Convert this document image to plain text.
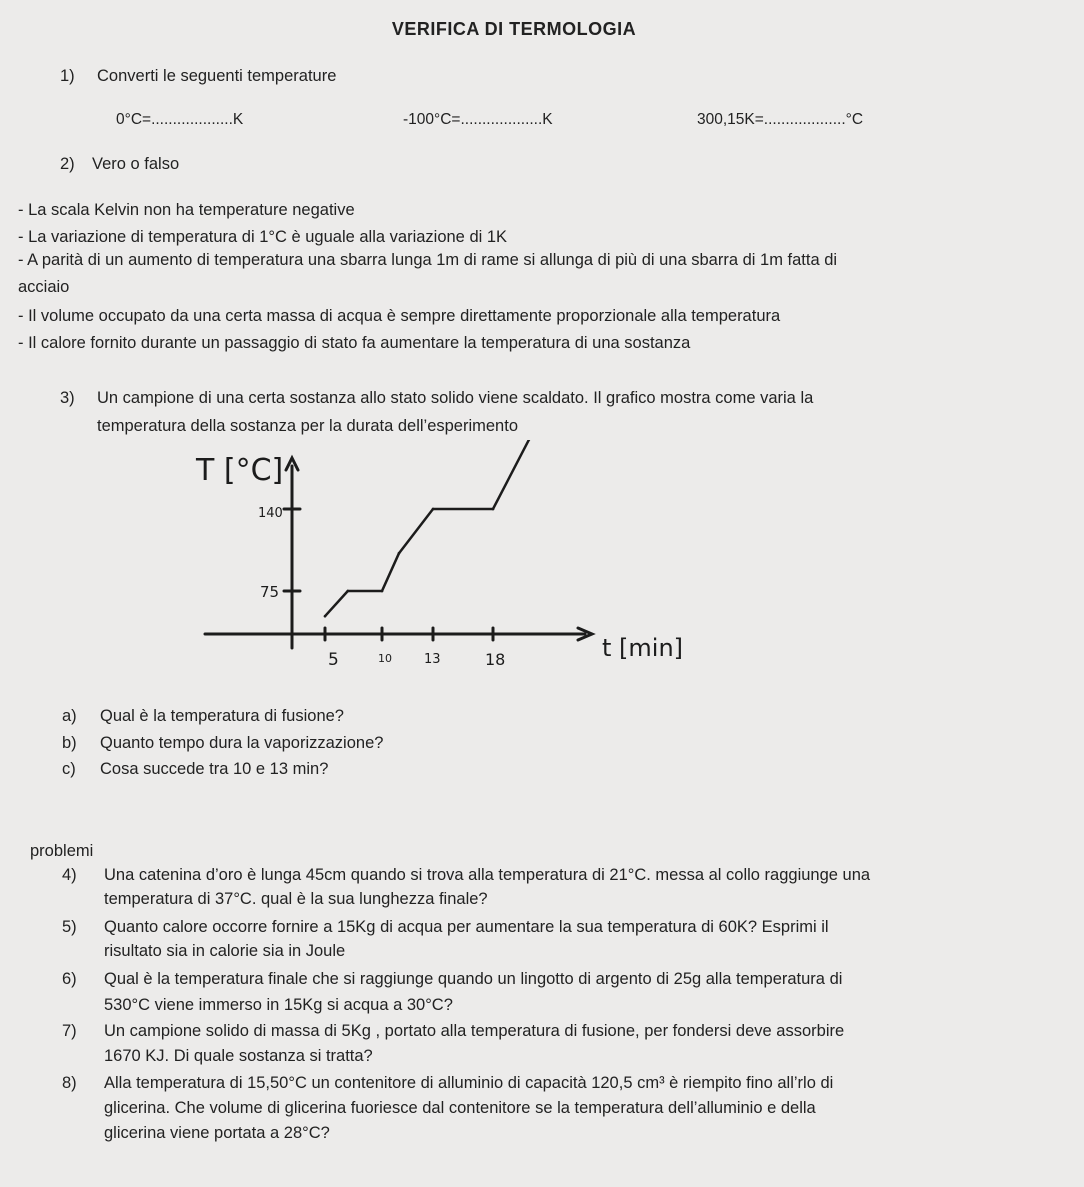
VERIFICA DI TERMOLOGIA
1) Converti le seguenti temperature
0°C=...................K	-100°C=...................K	300,15K=...................°C
2) Vero o falso
- La scala Kelvin non ha temperature negative
- La variazione di temperatura di 1°C è uguale alla variazione di 1K
- A parità di un aumento di temperatura una sbarra lunga 1m di rame si allunga di più di una sbarra di 1m fatta di
acciaio
- Il volume occupato da una certa massa di acqua è sempre direttamente proporzionale alla temperatura
- Il calore fornito durante un passaggio di stato fa aumentare la temperatura di una sostanza
3) Un campione di una certa sostanza allo stato solido viene scaldato. Il grafico mostra come varia la
temperatura della sostanza per la durata dell’esperimento
T [°C]
140
75
5	10 13	18	t [min]
a) Qual è la temperatura di fusione?
b) Quanto tempo dura la vaporizzazione?
c) Cosa succede tra 10 e 13 min?
problemi
4) Una catenina d’oro è lunga 45cm quando si trova alla temperatura di 21°C. messa al collo raggiunge una
temperatura di 37°C. qual è la sua lunghezza finale?
5) Quanto calore occorre fornire a 15Kg di acqua per aumentare la sua temperatura di 60K? Esprimi il
risultato sia in calorie sia in Joule
6) Qual è la temperatura finale che si raggiunge quando un lingotto di argento di 25g alla temperatura di
530°C viene immerso in 15Kg si acqua a 30°C?
7) Un campione solido di massa di 5Kg , portato alla temperatura di fusione, per fondersi deve assorbire
1670 KJ. Di quale sostanza si tratta?
8) Alla temperatura di 15,50°C un contenitore di alluminio di capacità 120,5 cm³ è riempito fino all’rlo di
glicerina. Che volume di glicerina fuoriesce dal contenitore se la temperatura dell’alluminio e della
glicerina viene portata a 28°C?
